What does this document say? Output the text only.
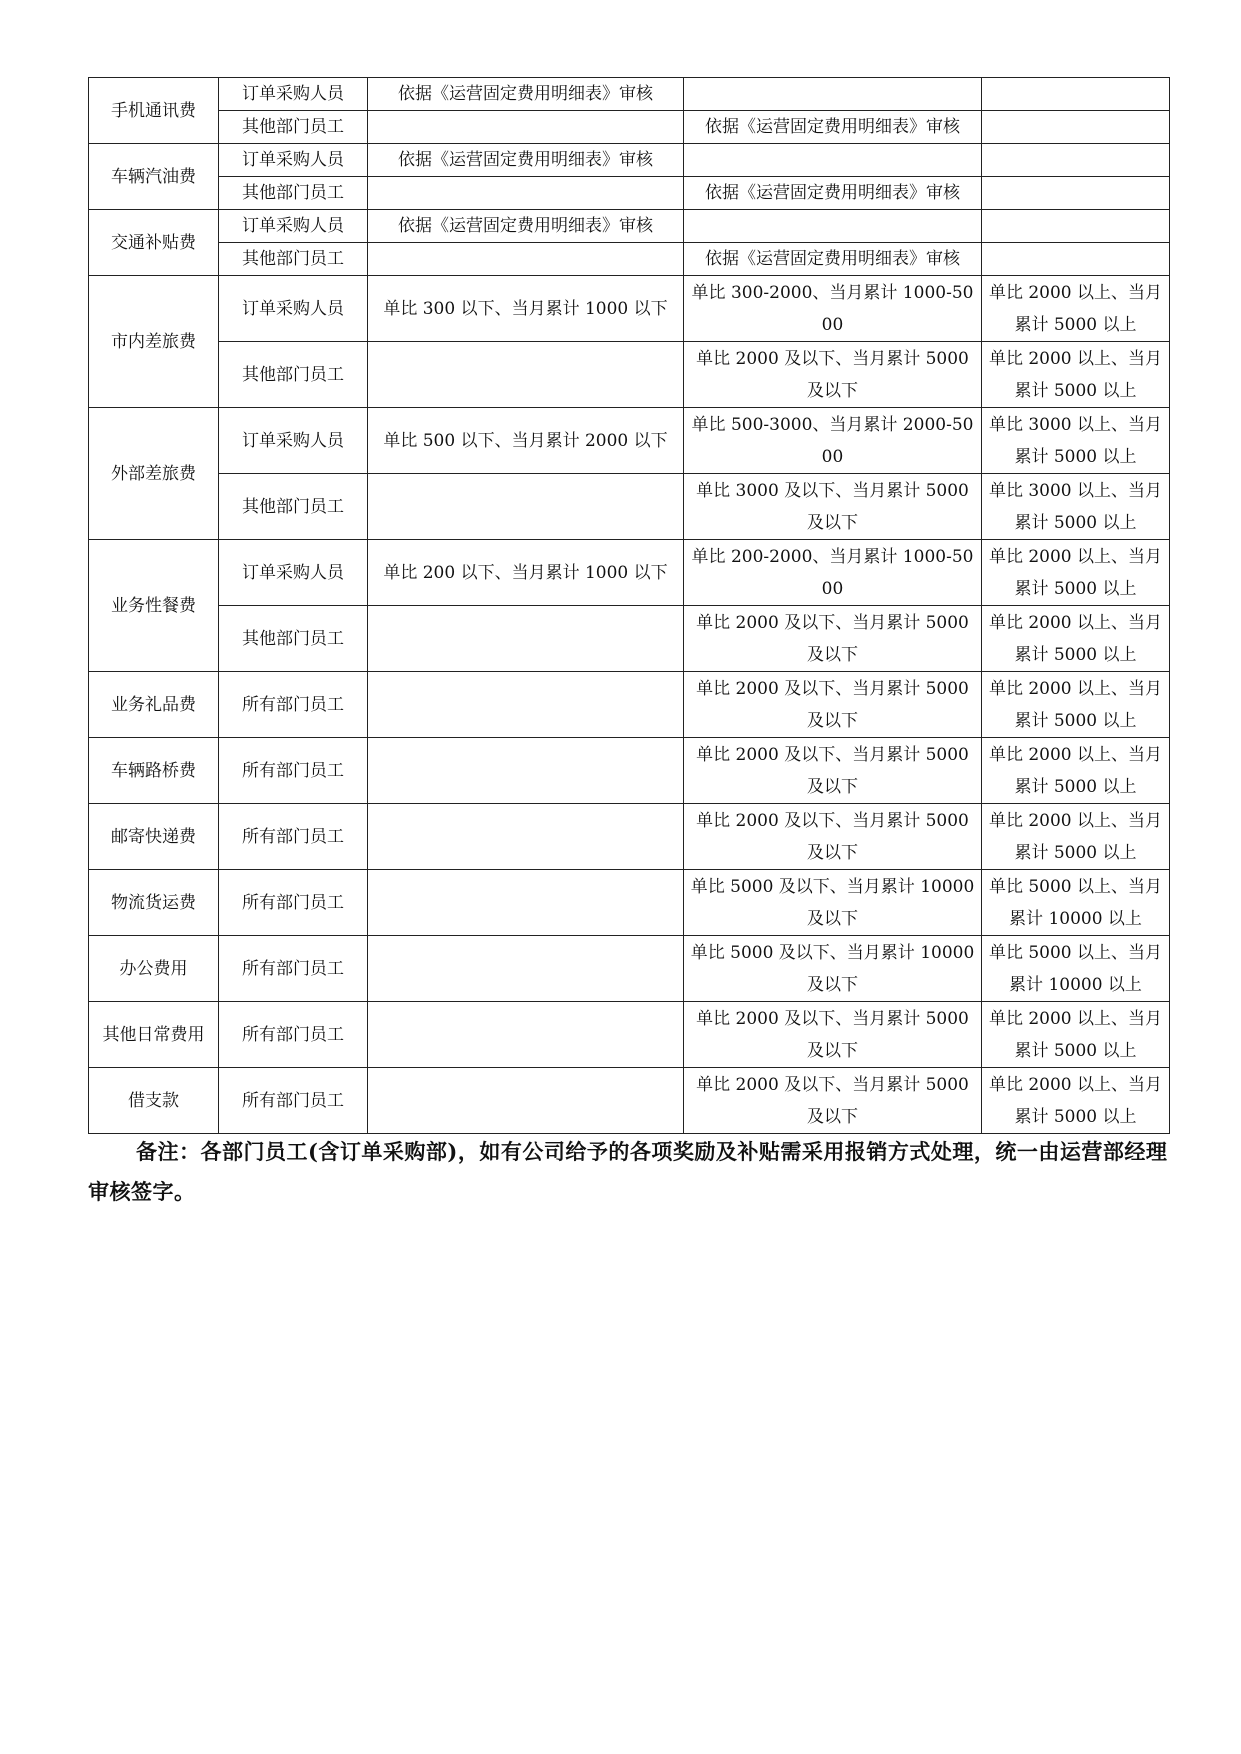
手机通讯费	订单采购人员	依据《运营固定费用明细表》审核		
	其他部门员工		依据《运营固定费用明细表》审核	
车辆汽油费	订单采购人员	依据《运营固定费用明细表》审核		
	其他部门员工		依据《运营固定费用明细表》审核	
交通补贴费	订单采购人员	依据《运营固定费用明细表》审核		
	其他部门员工		依据《运营固定费用明细表》审核	
市内差旅费	订单采购人员	单比 300 以下、当月累计 1000 以下	单比 300-2000、当月累计 1000-5000	单比 2000 以上、当月累计 5000 以上
	其他部门员工		单比 2000 及以下、当月累计 5000 及以下	单比 2000 以上、当月累计 5000 以上
外部差旅费	订单采购人员	单比 500 以下、当月累计 2000 以下	单比 500-3000、当月累计 2000-5000	单比 3000 以上、当月累计 5000 以上
	其他部门员工		单比 3000 及以下、当月累计 5000 及以下	单比 3000 以上、当月累计 5000 以上
业务性餐费	订单采购人员	单比 200 以下、当月累计 1000 以下	单比 200-2000、当月累计 1000-5000	单比 2000 以上、当月累计 5000 以上
	其他部门员工		单比 2000 及以下、当月累计 5000 及以下	单比 2000 以上、当月累计 5000 以上
业务礼品费	所有部门员工		单比 2000 及以下、当月累计 5000 及以下	单比 2000 以上、当月累计 5000 以上
车辆路桥费	所有部门员工		单比 2000 及以下、当月累计 5000 及以下	单比 2000 以上、当月累计 5000 以上
邮寄快递费	所有部门员工		单比 2000 及以下、当月累计 5000 及以下	单比 2000 以上、当月累计 5000 以上
物流货运费	所有部门员工		单比 5000 及以下、当月累计 10000 及以下	单比 5000 以上、当月累计 10000 以上
办公费用	所有部门员工		单比 5000 及以下、当月累计 10000 及以下	单比 5000 以上、当月累计 10000 以上
其他日常费用	所有部门员工		单比 2000 及以下、当月累计 5000 及以下	单比 2000 以上、当月累计 5000 以上
借支款	所有部门员工		单比 2000 及以下、当月累计 5000 及以下	单比 2000 以上、当月累计 5000 以上
备注：各部门员工(含订单采购部)，如有公司给予的各项奖励及补贴需采用报销方式处理，统一由运营部经理审核签字。
